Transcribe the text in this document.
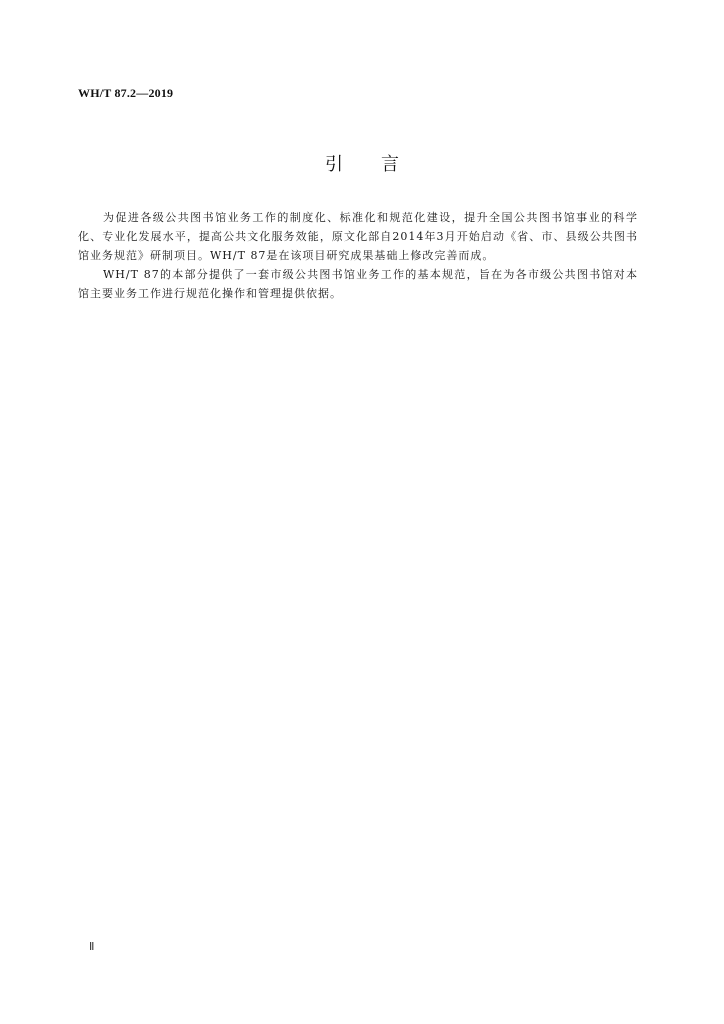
WH/T 87.2—2019
引言

为促进各级公共图书馆业务工作的制度化、标准化和规范化建设，提升全国公共图书馆事业的科学化、专业化发展水平，提高公共文化服务效能，原文化部自2014年3月开始启动《省、市、县级公共图书馆业务规范》研制项目。WH/T 87是在该项目研究成果基础上修改完善而成。

WH/T 87的本部分提供了一套市级公共图书馆业务工作的基本规范，旨在为各市级公共图书馆对本馆主要业务工作进行规范化操作和管理提供依据。

Ⅱ
